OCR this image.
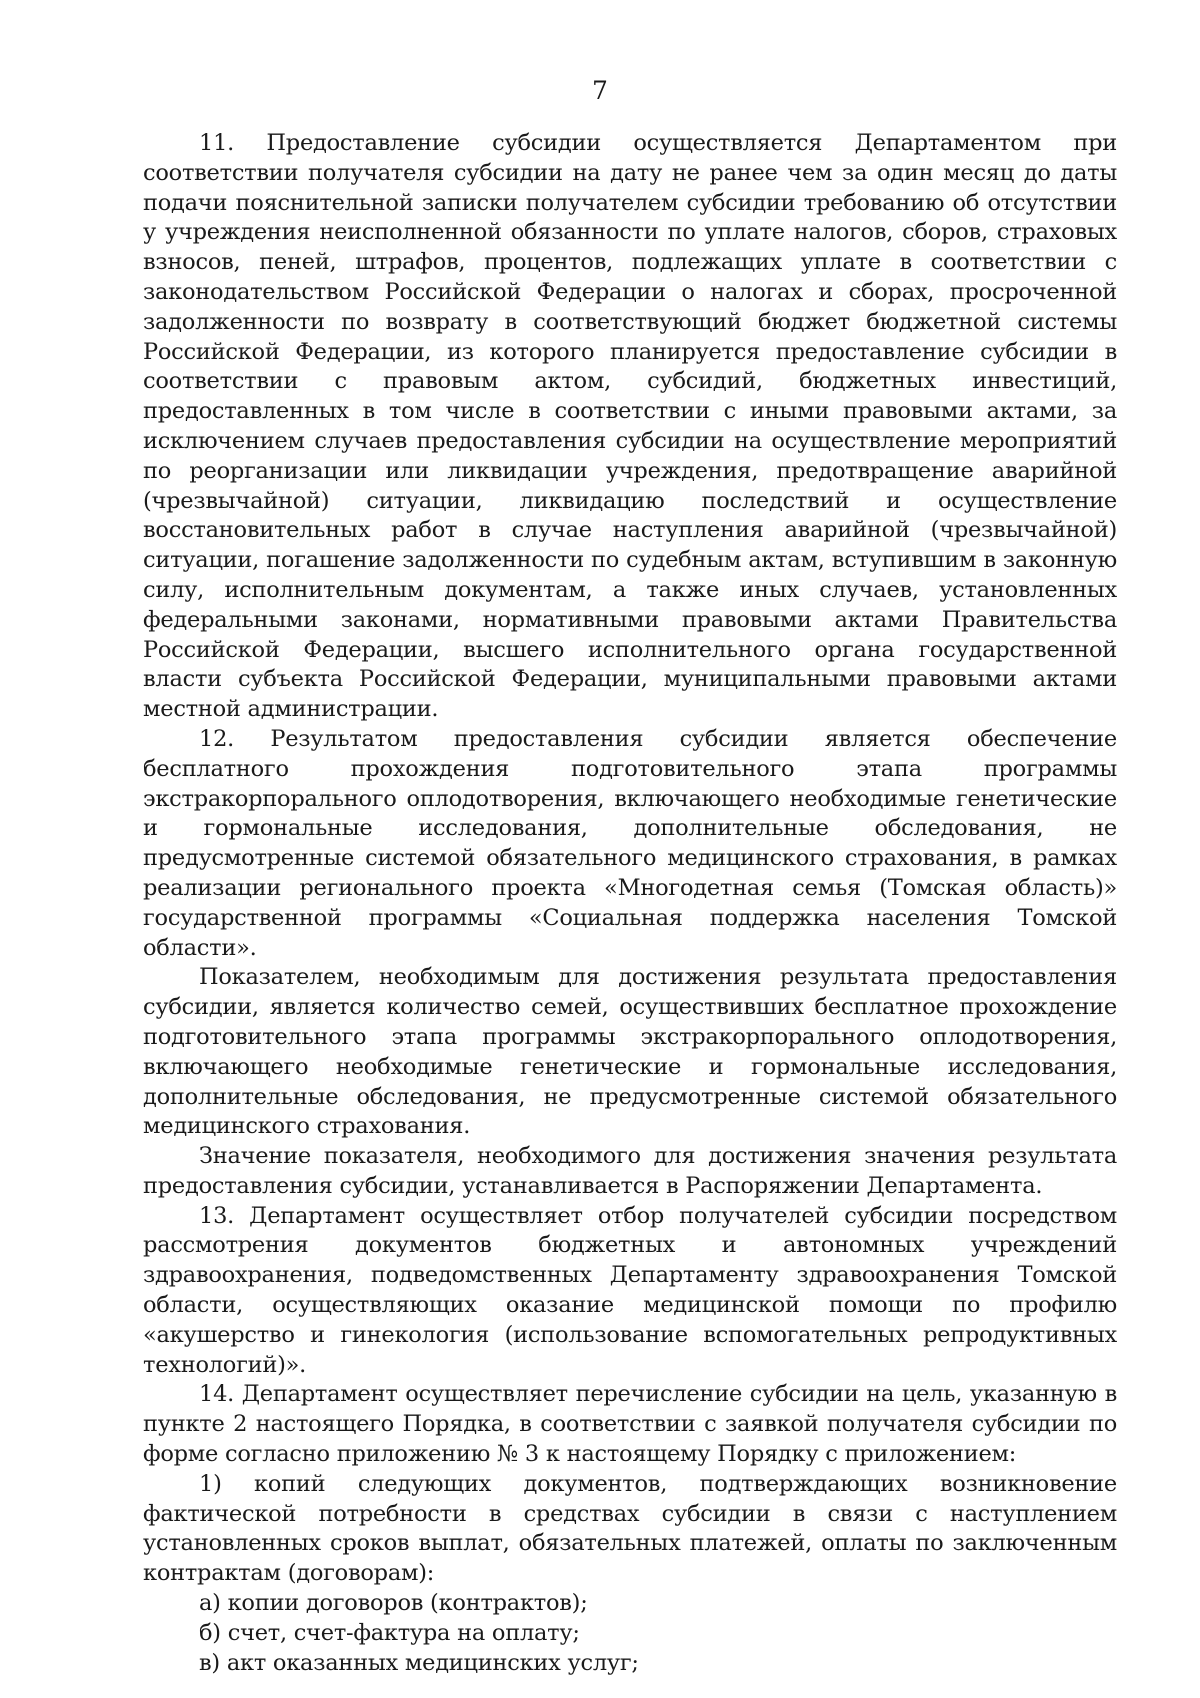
7

11. Предоставление субсидии осуществляется Департаментом при соответствии получателя субсидии на дату не ранее чем за один месяц до даты подачи пояснительной записки получателем субсидии требованию об отсутствии у учреждения неисполненной обязанности по уплате налогов, сборов, страховых взносов, пеней, штрафов, процентов, подлежащих уплате в соответствии с законодательством Российской Федерации о налогах и сборах, просроченной задолженности по возврату в соответствующий бюджет бюджетной системы Российской Федерации, из которого планируется предоставление субсидии в соответствии с правовым актом, субсидий, бюджетных инвестиций, предоставленных в том числе в соответствии с иными правовыми актами, за исключением случаев предоставления субсидии на осуществление мероприятий по реорганизации или ликвидации учреждения, предотвращение аварийной (чрезвычайной) ситуации, ликвидацию последствий и осуществление восстановительных работ в случае наступления аварийной (чрезвычайной) ситуации, погашение задолженности по судебным актам, вступившим в законную силу, исполнительным документам, а также иных случаев, установленных федеральными законами, нормативными правовыми актами Правительства Российской Федерации, высшего исполнительного органа государственной власти субъекта Российской Федерации, муниципальными правовыми актами местной администрации.

12. Результатом предоставления субсидии является обеспечение бесплатного прохождения подготовительного этапа программы экстракорпорального оплодотворения, включающего необходимые генетические и гормональные исследования, дополнительные обследования, не предусмотренные системой обязательного медицинского страхования, в рамках реализации регионального проекта «Многодетная семья (Томская область)» государственной программы «Социальная поддержка населения Томской области».

Показателем, необходимым для достижения результата предоставления субсидии, является количество семей, осуществивших бесплатное прохождение подготовительного этапа программы экстракорпорального оплодотворения, включающего необходимые генетические и гормональные исследования, дополнительные обследования, не предусмотренные системой обязательного медицинского страхования.

Значение показателя, необходимого для достижения значения результата предоставления субсидии, устанавливается в Распоряжении Департамента.

13. Департамент осуществляет отбор получателей субсидии посредством рассмотрения документов бюджетных и автономных учреждений здравоохранения, подведомственных Департаменту здравоохранения Томской области, осуществляющих оказание медицинской помощи по профилю «акушерство и гинекология (использование вспомогательных репродуктивных технологий)».

14. Департамент осуществляет перечисление субсидии на цель, указанную в пункте 2 настоящего Порядка, в соответствии с заявкой получателя субсидии по форме согласно приложению № 3 к настоящему Порядку с приложением:

1) копий следующих документов, подтверждающих возникновение фактической потребности в средствах субсидии в связи с наступлением установленных сроков выплат, обязательных платежей, оплаты по заключенным контрактам (договорам):

а) копии договоров (контрактов);

б) счет, счет-фактура на оплату;

в) акт оказанных медицинских услуг;
